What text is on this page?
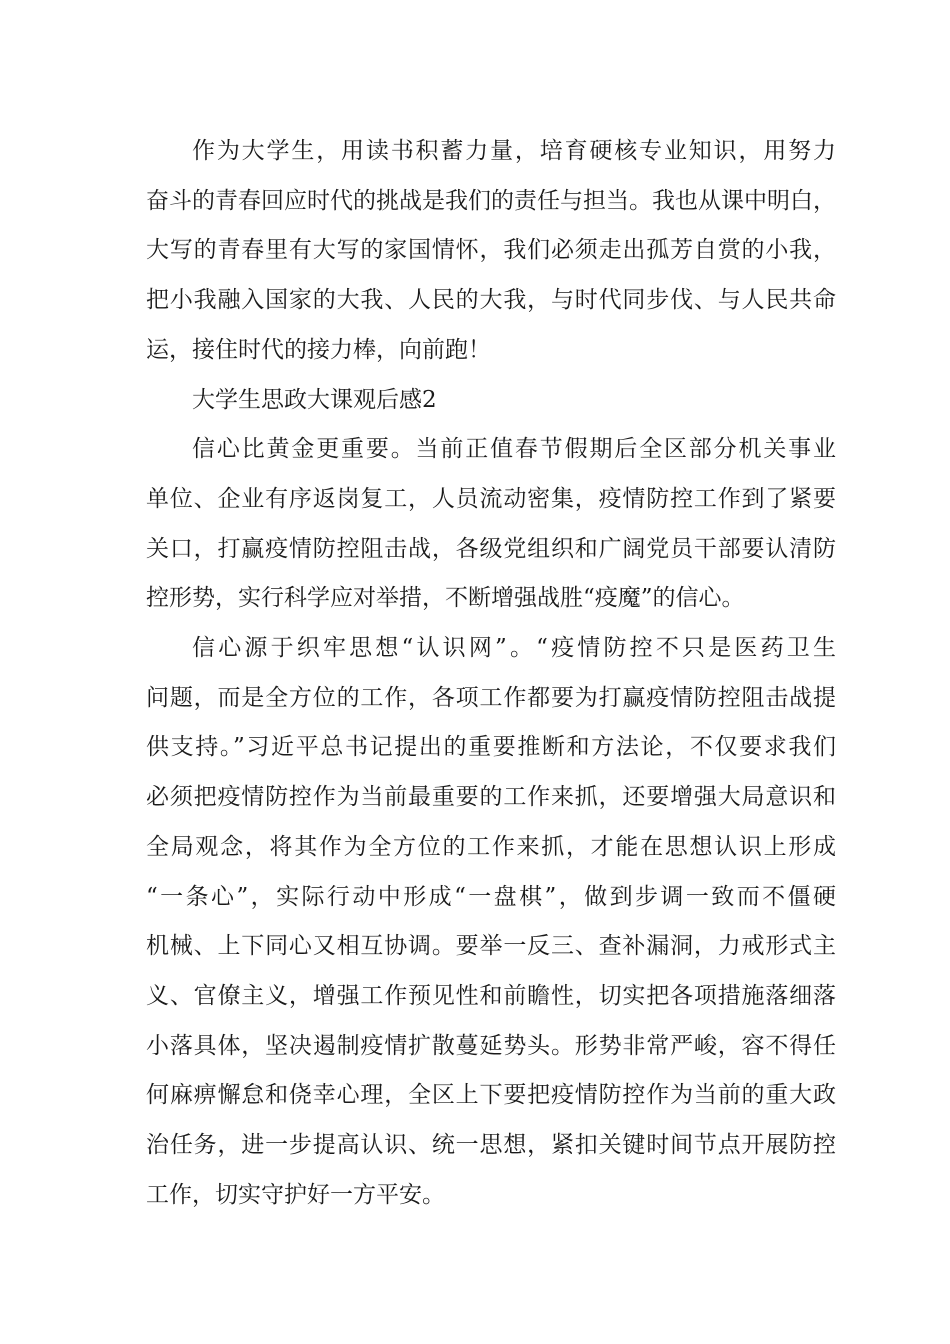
作为大学生，用读书积蓄力量，培育硬核专业知识，用努力
奋斗的青春回应时代的挑战是我们的责任与担当。我也从课中明白，
大写的青春里有大写的家国情怀，我们必须走出孤芳自赏的小我，
把小我融入国家的大我、人民的大我，与时代同步伐、与人民共命
运，接住时代的接力棒，向前跑！

大学生思政大课观后感2

信心比黄金更重要。当前正值春节假期后全区部分机关事业
单位、企业有序返岗复工，人员流动密集，疫情防控工作到了紧要
关口，打赢疫情防控阻击战，各级党组织和广阔党员干部要认清防
控形势，实行科学应对举措，不断增强战胜“疫魔”的信心。

信心源于织牢思想“认识网”。“疫情防控不只是医药卫生
问题，而是全方位的工作，各项工作都要为打赢疫情防控阻击战提
供支持。”习近平总书记提出的重要推断和方法论，不仅要求我们
必须把疫情防控作为当前最重要的工作来抓，还要增强大局意识和
全局观念，将其作为全方位的工作来抓，才能在思想认识上形成
“一条心”，实际行动中形成“一盘棋”，做到步调一致而不僵硬
机械、上下同心又相互协调。要举一反三、查补漏洞，力戒形式主
义、官僚主义，增强工作预见性和前瞻性，切实把各项措施落细落
小落具体，坚决遏制疫情扩散蔓延势头。形势非常严峻，容不得任
何麻痹懈怠和侥幸心理，全区上下要把疫情防控作为当前的重大政
治任务，进一步提高认识、统一思想，紧扣关键时间节点开展防控
工作，切实守护好一方平安。
